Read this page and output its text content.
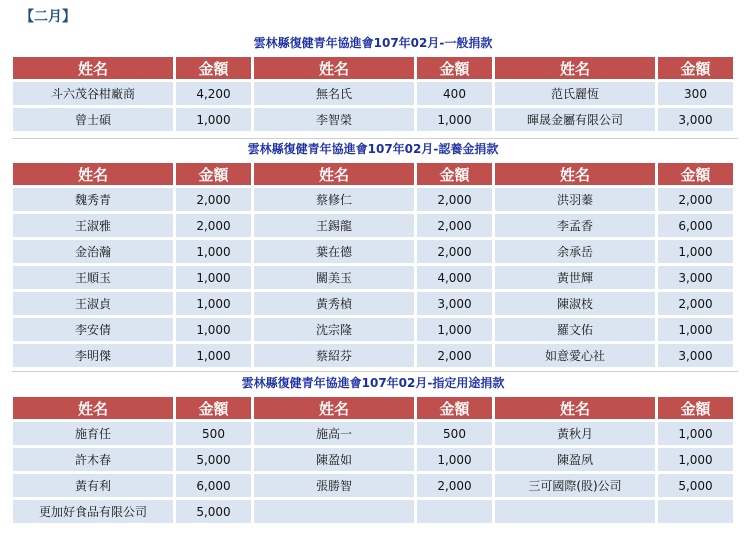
【二月】
雲林縣復健青年協進會107年02月-一般捐款
姓名	金額	姓名	金額	姓名	金額
斗六茂谷柑廠商	4,200	無名氏	400	范氏麗恆	300
曾士碩	1,000	李智榮	1,000	暉晟金屬有限公司	3,000
雲林縣復健青年協進會107年02月-認養金捐款
姓名	金額	姓名	金額	姓名	金額
魏秀青	2,000	蔡修仁	2,000	洪羽蓁	2,000
王淑雅	2,000	王錫龍	2,000	李孟香	6,000
金治瀚	1,000	葉在德	2,000	余承岳	1,000
王順玉	1,000	關美玉	4,000	黃世輝	3,000
王淑貞	1,000	黃秀楨	3,000	陳淑枝	2,000
李安倩	1,000	沈宗隆	1,000	羅文佑	1,000
李明傑	1,000	蔡紹芬	2,000	如意愛心社	3,000
雲林縣復健青年協進會107年02月-指定用途捐款
姓名	金額	姓名	金額	姓名	金額
施育任	500	施高一	500	黃秋月	1,000
許木春	5,000	陳盈如	1,000	陳盈夙	1,000
黃有利	6,000	張勝智	2,000	三可國際(股)公司	5,000
更加好食品有限公司	5,000				
